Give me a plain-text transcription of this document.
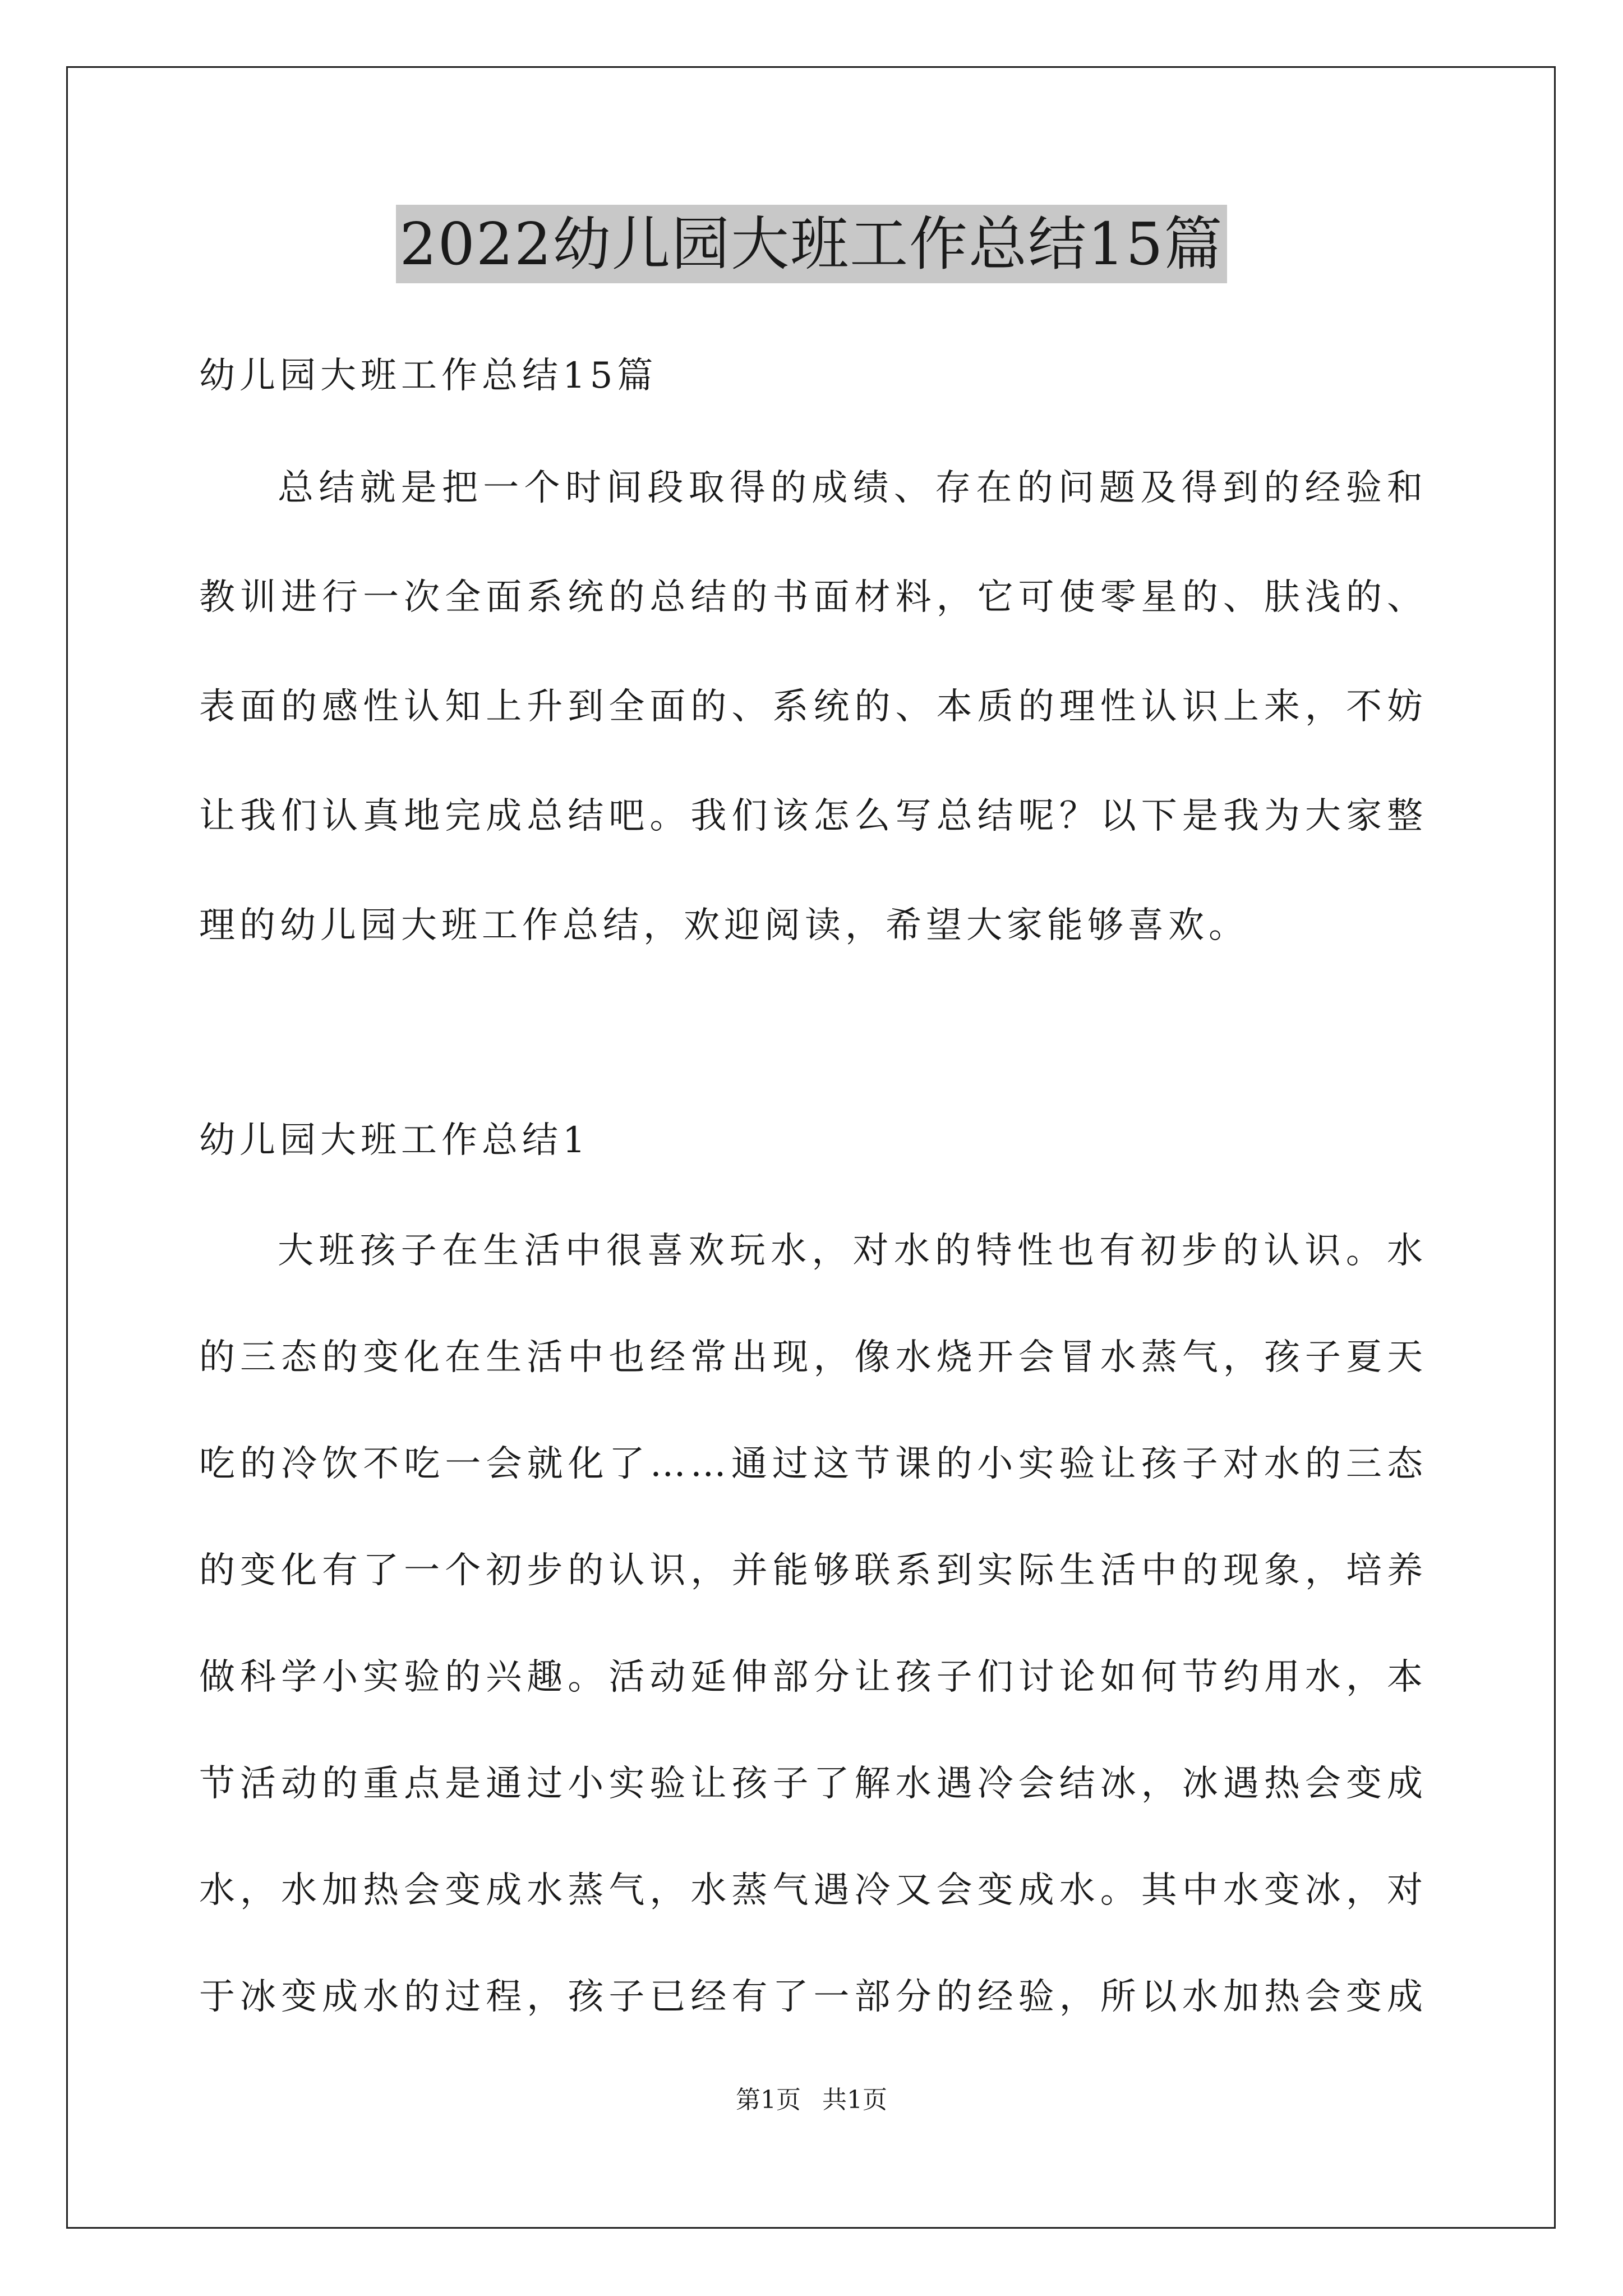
2022幼儿园大班工作总结15篇
幼儿园大班工作总结15篇
总结就是把一个时间段取得的成绩、存在的问题及得到的经验和
教训进行一次全面系统的总结的书面材料，它可使零星的、肤浅的、
表面的感性认知上升到全面的、系统的、本质的理性认识上来，不妨
让我们认真地完成总结吧。我们该怎么写总结呢？以下是我为大家整
理的幼儿园大班工作总结，欢迎阅读，希望大家能够喜欢。
幼儿园大班工作总结1
大班孩子在生活中很喜欢玩水，对水的特性也有初步的认识。水
的三态的变化在生活中也经常出现，像水烧开会冒水蒸气，孩子夏天
吃的冷饮不吃一会就化了……通过这节课的小实验让孩子对水的三态
的变化有了一个初步的认识，并能够联系到实际生活中的现象，培养
做科学小实验的兴趣。活动延伸部分让孩子们讨论如何节约用水，本
节活动的重点是通过小实验让孩子了解水遇冷会结冰，冰遇热会变成
水，水加热会变成水蒸气，水蒸气遇冷又会变成水。其中水变冰，对
于冰变成水的过程，孩子已经有了一部分的经验，所以水加热会变成
第1页 共1页
